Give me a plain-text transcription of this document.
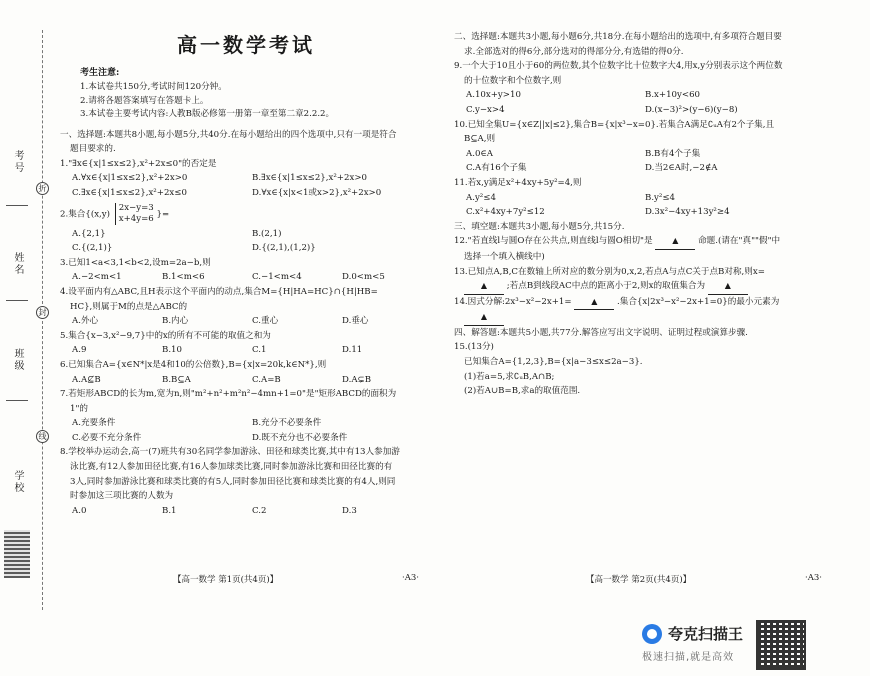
考号
姓名
班级
学校
折
封
线
高一数学考试
考生注意:
1.本试卷共150分,考试时间120分钟。
2.请将各题答案填写在答题卡上。
3.本试卷主要考试内容:人教B版必修第一册第一章至第二章2.2.2。
一、选择题:本题共8小题,每小题5分,共40分.在每小题给出的四个选项中,只有一项是符合
题目要求的.
1."∃x∈{x|1≤x≤2},x²+2x≤0"的否定是
A.∀x∈{x|1≤x≤2},x²+2x>0	B.∃x∈{x|1≤x≤2},x²+2x>0
C.∃x∈{x|1≤x≤2},x²+2x≤0	D.∀x∈{x|x<1或x>2},x²+2x>0
2.集合{(x,y)
2x−y=3
x+4y=6 }=
A.{2,1}	B.(2,1)
C.{(2,1)}	D.{(2,1),(1,2)}
3.已知1<a<3,1<b<2,设m=2a−b,则
A.−2<m<1	B.1<m<6	C.−1<m<4	D.0<m<5
4.设平面内有△ABC,且H表示这个平面内的动点,集合M={H|HA=HC}∩{H|HB=
HC},则属于M的点是△ABC的
A.外心	B.内心	C.重心	D.垂心
5.集合{x−3,x²−9,7}中的x的所有不可能的取值之和为
A.9	B.10	C.1	D.11
6.已知集合A={x∈N*|x是4和10的公倍数},B={x|x=20k,k∈N*},则
A.A⊈B	B.B⊆A	C.A=B	D.A⊊B
7.若矩形ABCD的长为m,宽为n,则"m²+n²+m²n²−4mn+1=0"是"矩形ABCD的面积为
1"的
A.充要条件	B.充分不必要条件
C.必要不充分条件	D.既不充分也不必要条件
8.学校举办运动会,高一(7)班共有30名同学参加游泳、田径和球类比赛,其中有13人参加游
泳比赛,有12人参加田径比赛,有16人参加球类比赛,同时参加游泳比赛和田径比赛的有
3人,同时参加游泳比赛和球类比赛的有5人,同时参加田径比赛和球类比赛的有4人,则同
时参加这三项比赛的人数为
A.0	B.1	C.2	D.3
二、选择题:本题共3小题,每小题6分,共18分.在每小题给出的选项中,有多项符合题目要
求.全部选对的得6分,部分选对的得部分分,有选错的得0分.
9.一个大于10且小于60的两位数,其个位数字比十位数字大4,用x,y分别表示这个两位数
的十位数字和个位数字,则
A.10x+y>10	B.x+10y<60
C.y−x>4	D.(x−3)²>(y−6)(y−8)
10.已知全集U={x∈Z||x|≤2},集合B={x|x³−x=0}.若集合A满足∁ᵤA有2个子集,且
B⊆A,则
A.0∈A	B.B有4个子集
C.A有16个子集	D.当2∈A时,−2∉A
11.若x,y满足x²+4xy+5y²=4,则
A.y²≤4	B.y²≤4
C.x²+4xy+7y²≤12	D.3x²−4xy+13y²≥4
三、填空题:本题共3小题,每小题5分,共15分.
12."若直线l与圆O存在公共点,则直线l与圆O相切"是 ▲ 命题.(请在"真""假"中
选择一个填入横线中)
13.已知点A,B,C在数轴上所对应的数分别为0,x,2,若点A与点C关于点B对称,则x=
▲ ;若点B到线段AC中点的距离小于2,则x的取值集合为 ▲
14.因式分解:2x³−x²−2x+1= ▲ .集合{x|2x³−x²−2x+1=0}的最小元素为
▲
四、解答题:本题共5小题,共77分.解答应写出文字说明、证明过程或演算步骤.
15.(13分)
已知集合A={1,2,3},B={x|a−3≤x≤2a−3}.
(1)若a=5,求∁ᵤB,A∩B;
(2)若A∪B=B,求a的取值范围.
【高一数学 第1页(共4页)】	·A3·	【高一数学 第2页(共4页)】	·A3·
夸克扫描王
极速扫描,就是高效
